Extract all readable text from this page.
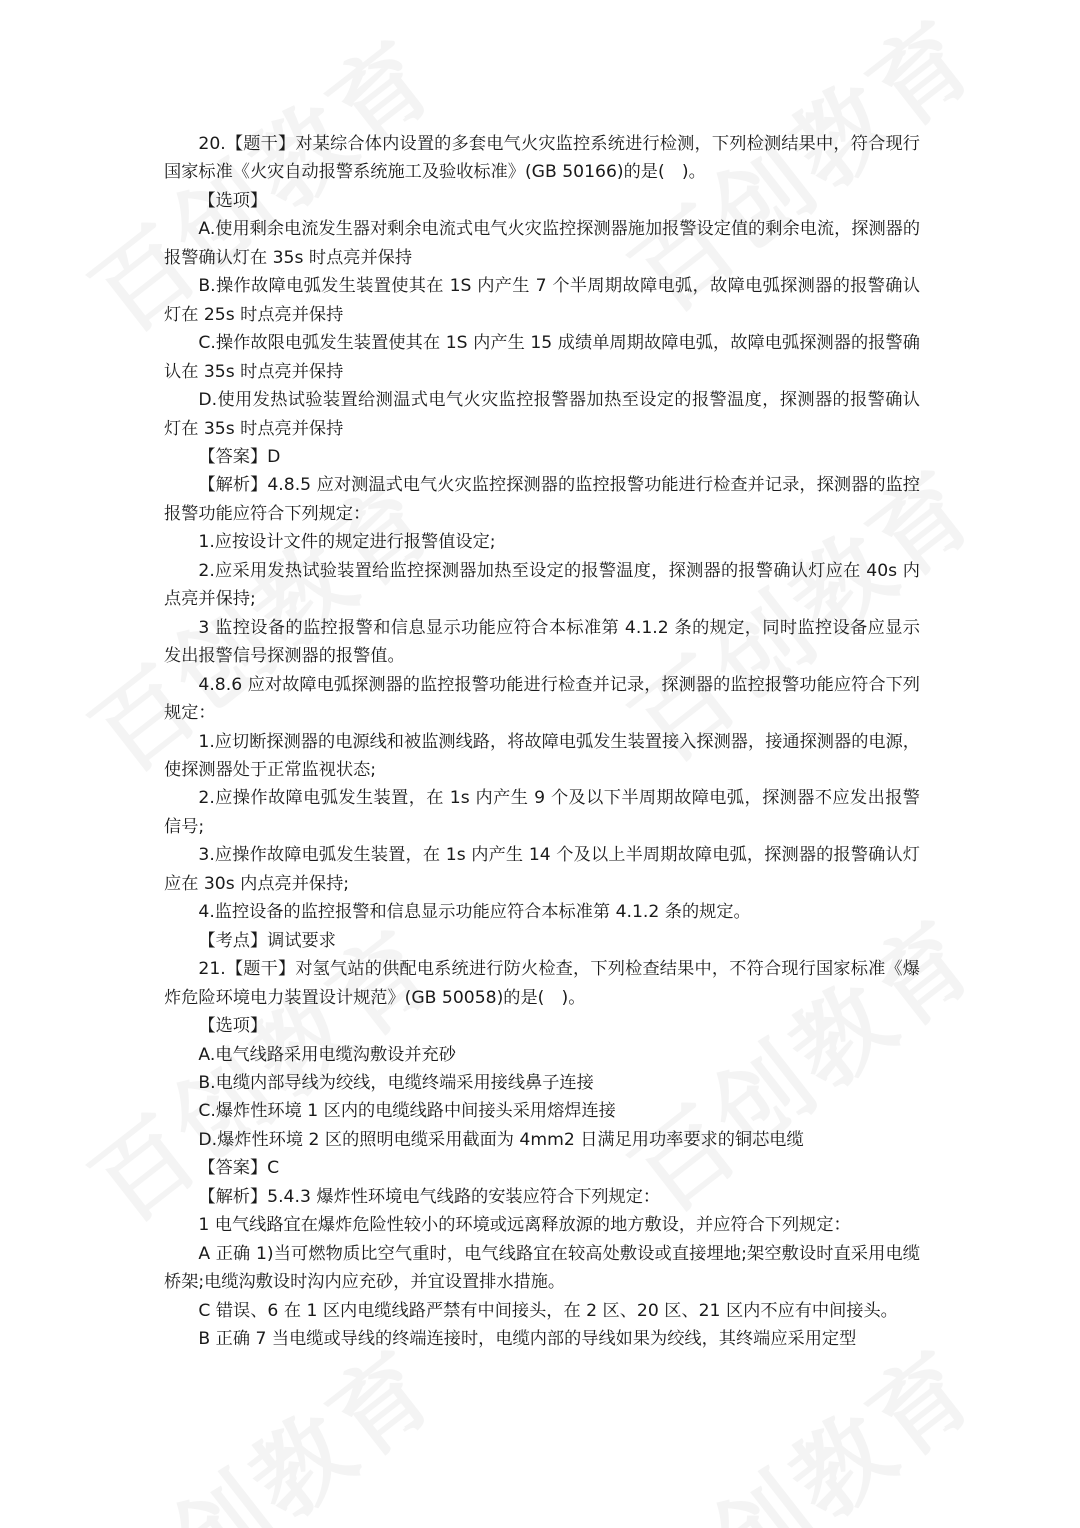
20.【题干】对某综合体内设置的多套电气火灾监控系统进行检测，下列检测结果中，符合现行国家标准《火灾自动报警系统施工及验收标准》(GB 50166)的是(　)。

【选项】

A.使用剩余电流发生器对剩余电流式电气火灾监控探测器施加报警设定值的剩余电流，探测器的报警确认灯在 35s 时点亮并保持

B.操作故障电弧发生装置使其在 1S 内产生 7 个半周期故障电弧，故障电弧探测器的报警确认灯在 25s 时点亮并保持

C.操作故限电弧发生装置使其在 1S 内产生 15 成绩单周期故障电弧，故障电弧探测器的报警确认在 35s 时点亮并保持

D.使用发热试验装置给测温式电气火灾监控报警器加热至设定的报警温度，探测器的报警确认灯在 35s 时点亮并保持

【答案】D

【解析】4.8.5 应对测温式电气火灾监控探测器的监控报警功能进行检查并记录，探测器的监控报警功能应符合下列规定：

1.应按设计文件的规定进行报警值设定;

2.应采用发热试验装置给监控探测器加热至设定的报警温度，探测器的报警确认灯应在 40s 内点亮并保持;

3 监控设备的监控报警和信息显示功能应符合本标准第 4.1.2 条的规定，同时监控设备应显示发出报警信号探测器的报警值。

4.8.6 应对故障电弧探测器的监控报警功能进行检查并记录，探测器的监控报警功能应符合下列规定：

1.应切断探测器的电源线和被监测线路，将故障电弧发生装置接入探测器，接通探测器的电源，使探测器处于正常监视状态;

2.应操作故障电弧发生装置，在 1s 内产生 9 个及以下半周期故障电弧，探测器不应发出报警信号;

3.应操作故障电弧发生装置，在 1s 内产生 14 个及以上半周期故障电弧，探测器的报警确认灯应在 30s 内点亮并保持;

4.监控设备的监控报警和信息显示功能应符合本标准第 4.1.2 条的规定。

【考点】调试要求

21.【题干】对氢气站的供配电系统进行防火检查，下列检查结果中，不符合现行国家标准《爆炸危险环境电力装置设计规范》(GB 50058)的是(　)。

【选项】

A.电气线路采用电缆沟敷设并充砂

B.电缆内部导线为绞线，电缆终端采用接线鼻子连接

C.爆炸性环境 1 区内的电缆线路中间接头采用熔焊连接

D.爆炸性环境 2 区的照明电缆采用截面为 4mm2 日满足用功率要求的铜芯电缆

【答案】C

【解析】5.4.3 爆炸性环境电气线路的安装应符合下列规定：

1 电气线路宜在爆炸危险性较小的环境或远离释放源的地方敷设，并应符合下列规定：

A 正确 1)当可燃物质比空气重时，电气线路宜在较高处敷设或直接埋地;架空敷设时直采用电缆桥架;电缆沟敷设时沟内应充砂，并宜设置排水措施。

C 错误、6 在 1 区内电缆线路严禁有中间接头，在 2 区、20 区、21 区内不应有中间接头。

B 正确 7 当电缆或导线的终端连接时，电缆内部的导线如果为绞线，其终端应采用定型
